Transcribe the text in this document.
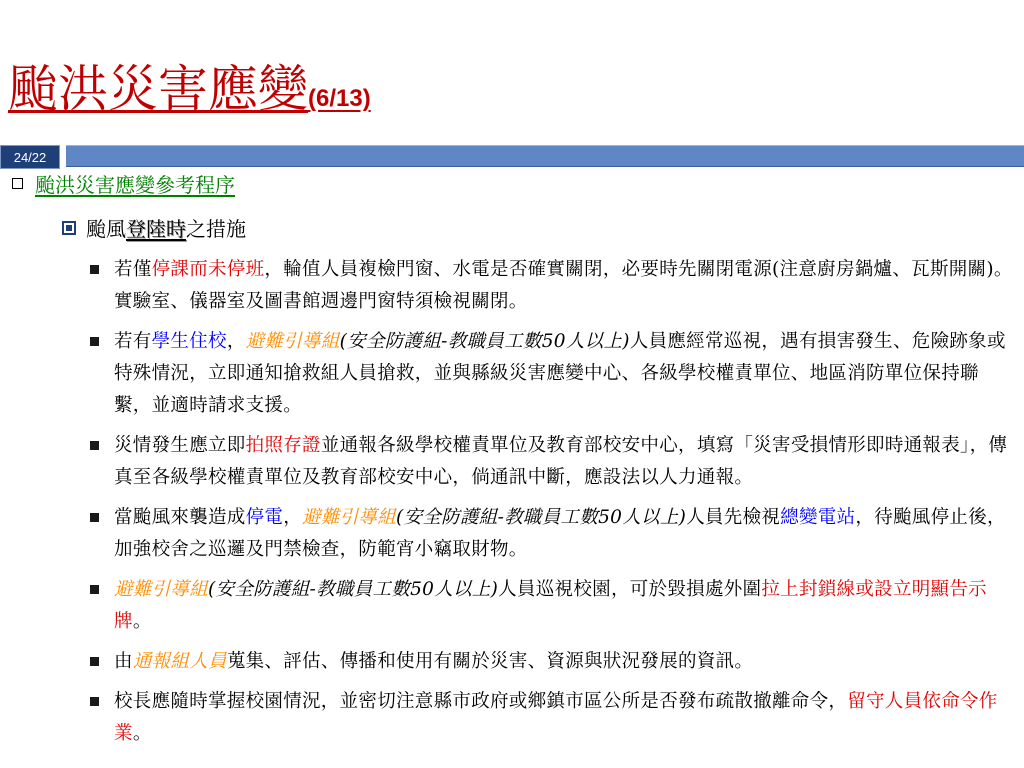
颱洪災害應變(6/13)
24/22
颱洪災害應變參考程序
颱風登陸時之措施
若僅停課而未停班，輪值人員複檢門窗、水電是否確實關閉，必要時先關閉電源(注意廚房鍋爐、瓦斯開關)。實驗室、儀器室及圖書館週邊門窗特須檢視關閉。
若有學生住校，避難引導組(安全防護組-教職員工數50人以上)人員應經常巡視，遇有損害發生、危險跡象或特殊情況，立即通知搶救組人員搶救，並與縣級災害應變中心、各級學校權責單位、地區消防單位保持聯繫，並適時請求支援。
災情發生應立即拍照存證並通報各級學校權責單位及教育部校安中心，填寫「災害受損情形即時通報表」，傳真至各級學校權責單位及教育部校安中心，倘通訊中斷，應設法以人力通報。
當颱風來襲造成停電，避難引導組(安全防護組-教職員工數50人以上)人員先檢視總變電站，待颱風停止後，加強校舍之巡邏及門禁檢查，防範宵小竊取財物。
避難引導組(安全防護組-教職員工數50人以上)人員巡視校園，可於毀損處外圍拉上封鎖線或設立明顯告示牌。
由通報組人員蒐集、評估、傳播和使用有關於災害、資源與狀況發展的資訊。
校長應隨時掌握校園情況，並密切注意縣市政府或鄉鎮市區公所是否發布疏散撤離命令，留守人員依命令作業。
